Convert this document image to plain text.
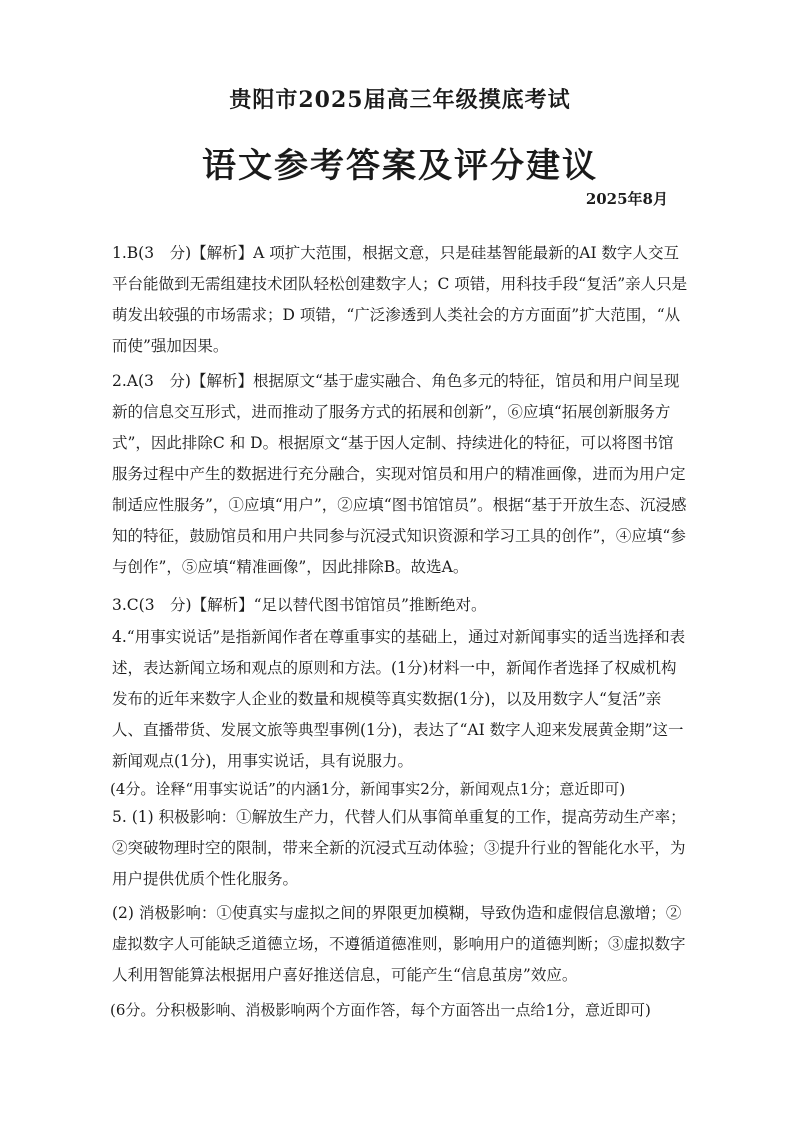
贵阳市2025届高三年级摸底考试
语文参考答案及评分建议
2025年8月

1.B(3　分)【解析】A 项扩大范围，根据文意，只是硅基智能最新的AI 数字人交互平台能做到无需组建技术团队轻松创建数字人；C 项错，用科技手段“复活”亲人只是萌发出较强的市场需求；D 项错，“广泛渗透到人类社会的方方面面”扩大范围，“从而使”强加因果。

2.A(3　分)【解析】根据原文“基于虚实融合、角色多元的特征，馆员和用户间呈现新的信息交互形式，进而推动了服务方式的拓展和创新”，⑥应填“拓展创新服务方式”，因此排除C 和 D。根据原文“基于因人定制、持续进化的特征，可以将图书馆服务过程中产生的数据进行充分融合，实现对馆员和用户的精准画像，进而为用户定制适应性服务”，①应填“用户”，②应填“图书馆馆员”。根据“基于开放生态、沉浸感知的特征，鼓励馆员和用户共同参与沉浸式知识资源和学习工具的创作”，④应填“参与创作”，⑤应填“精准画像”，因此排除B。故选A。

3.C(3　分)【解析】“足以替代图书馆馆员”推断绝对。

4.“用事实说话”是指新闻作者在尊重事实的基础上，通过对新闻事实的适当选择和表述，表达新闻立场和观点的原则和方法。(1分)材料一中，新闻作者选择了权威机构发布的近年来数字人企业的数量和规模等真实数据(1分)，以及用数字人“复活”亲人、直播带货、发展文旅等典型事例(1分)，表达了“AI 数字人迎来发展黄金期”这一新闻观点(1分)，用事实说话，具有说服力。

(4分。诠释“用事实说话”的内涵1分，新闻事实2分，新闻观点1分；意近即可)

5. (1) 积极影响：①解放生产力，代替人们从事简单重复的工作，提高劳动生产率；②突破物理时空的限制，带来全新的沉浸式互动体验；③提升行业的智能化水平，为用户提供优质个性化服务。

(2) 消极影响：①使真实与虚拟之间的界限更加模糊，导致伪造和虚假信息激增；②虚拟数字人可能缺乏道德立场，不遵循道德准则，影响用户的道德判断；③虚拟数字人利用智能算法根据用户喜好推送信息，可能产生“信息茧房”效应。

(6分。分积极影响、消极影响两个方面作答，每个方面答出一点给1分，意近即可)
